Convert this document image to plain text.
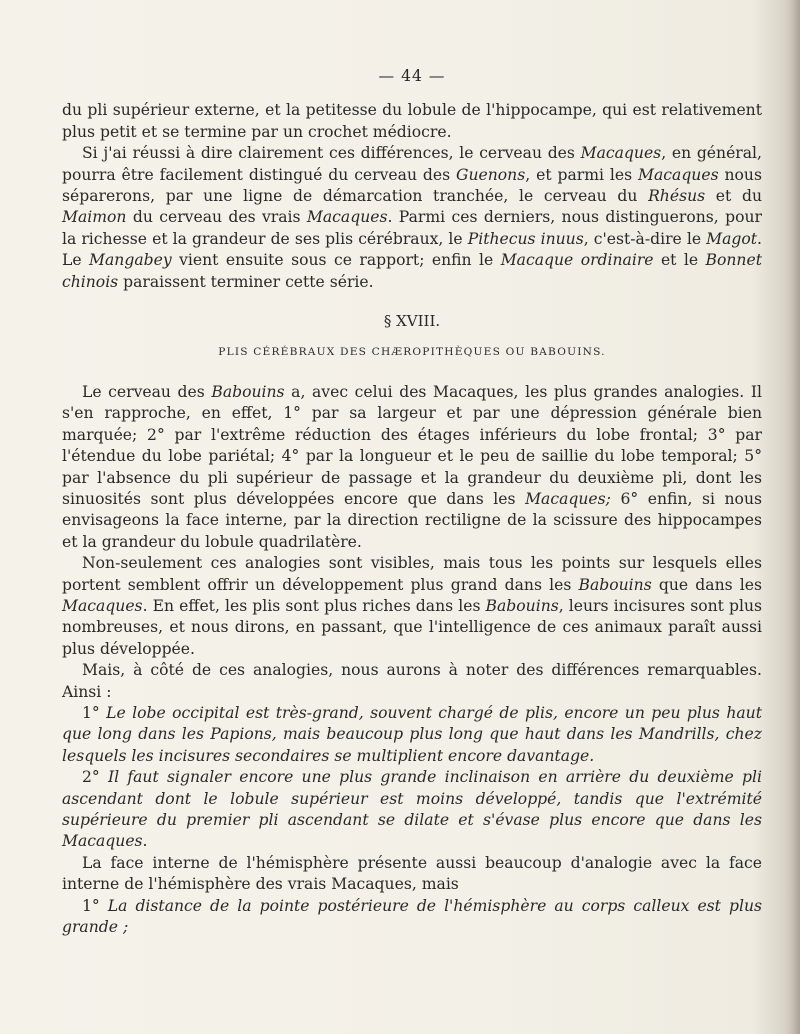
— 44 —

du pli supérieur externe, et la petitesse du lobule de l'hippocampe, qui est relativement plus petit et se termine par un crochet médiocre.

Si j'ai réussi à dire clairement ces différences, le cerveau des Macaques, en général, pourra être facilement distingué du cerveau des Guenons, et parmi les Macaques nous séparerons, par une ligne de démarcation tranchée, le cerveau du Rhésus et du Maimon du cerveau des vrais Macaques. Parmi ces derniers, nous distinguerons, pour la richesse et la grandeur de ses plis cérébraux, le Pithecus inuus, c'est-à-dire le Magot. Le Mangabey vient ensuite sous ce rapport; enfin le Macaque ordinaire et le Bonnet chinois paraissent terminer cette série.

§ XVIII.
PLIS CÉRÉBRAUX DES CHÆROPITHÈQUES OU BABOUINS.

Le cerveau des Babouins a, avec celui des Macaques, les plus grandes analogies. Il s'en rapproche, en effet, 1° par sa largeur et par une dépression générale bien marquée; 2° par l'extrême réduction des étages inférieurs du lobe frontal; 3° par l'étendue du lobe pariétal; 4° par la longueur et le peu de saillie du lobe temporal; 5° par l'absence du pli supérieur de passage et la grandeur du deuxième pli, dont les sinuosités sont plus développées encore que dans les Macaques; 6° enfin, si nous envisageons la face interne, par la direction rectiligne de la scissure des hippocampes et la grandeur du lobule quadrilatère.

Non-seulement ces analogies sont visibles, mais tous les points sur lesquels elles portent semblent offrir un développement plus grand dans les Babouins que dans les Macaques. En effet, les plis sont plus riches dans les Babouins, leurs incisures sont plus nombreuses, et nous dirons, en passant, que l'intelligence de ces animaux paraît aussi plus développée.

Mais, à côté de ces analogies, nous aurons à noter des différences remarquables. Ainsi :

1° Le lobe occipital est très-grand, souvent chargé de plis, encore un peu plus haut que long dans les Papions, mais beaucoup plus long que haut dans les Mandrills, chez lesquels les incisures secondaires se multiplient encore davantage.

2° Il faut signaler encore une plus grande inclinaison en arrière du deuxième pli ascendant dont le lobule supérieur est moins développé, tandis que l'extrémité supérieure du premier pli ascendant se dilate et s'évase plus encore que dans les Macaques.

La face interne de l'hémisphère présente aussi beaucoup d'analogie avec la face interne de l'hémisphère des vrais Macaques, mais

1° La distance de la pointe postérieure de l'hémisphère au corps calleux est plus grande ;
